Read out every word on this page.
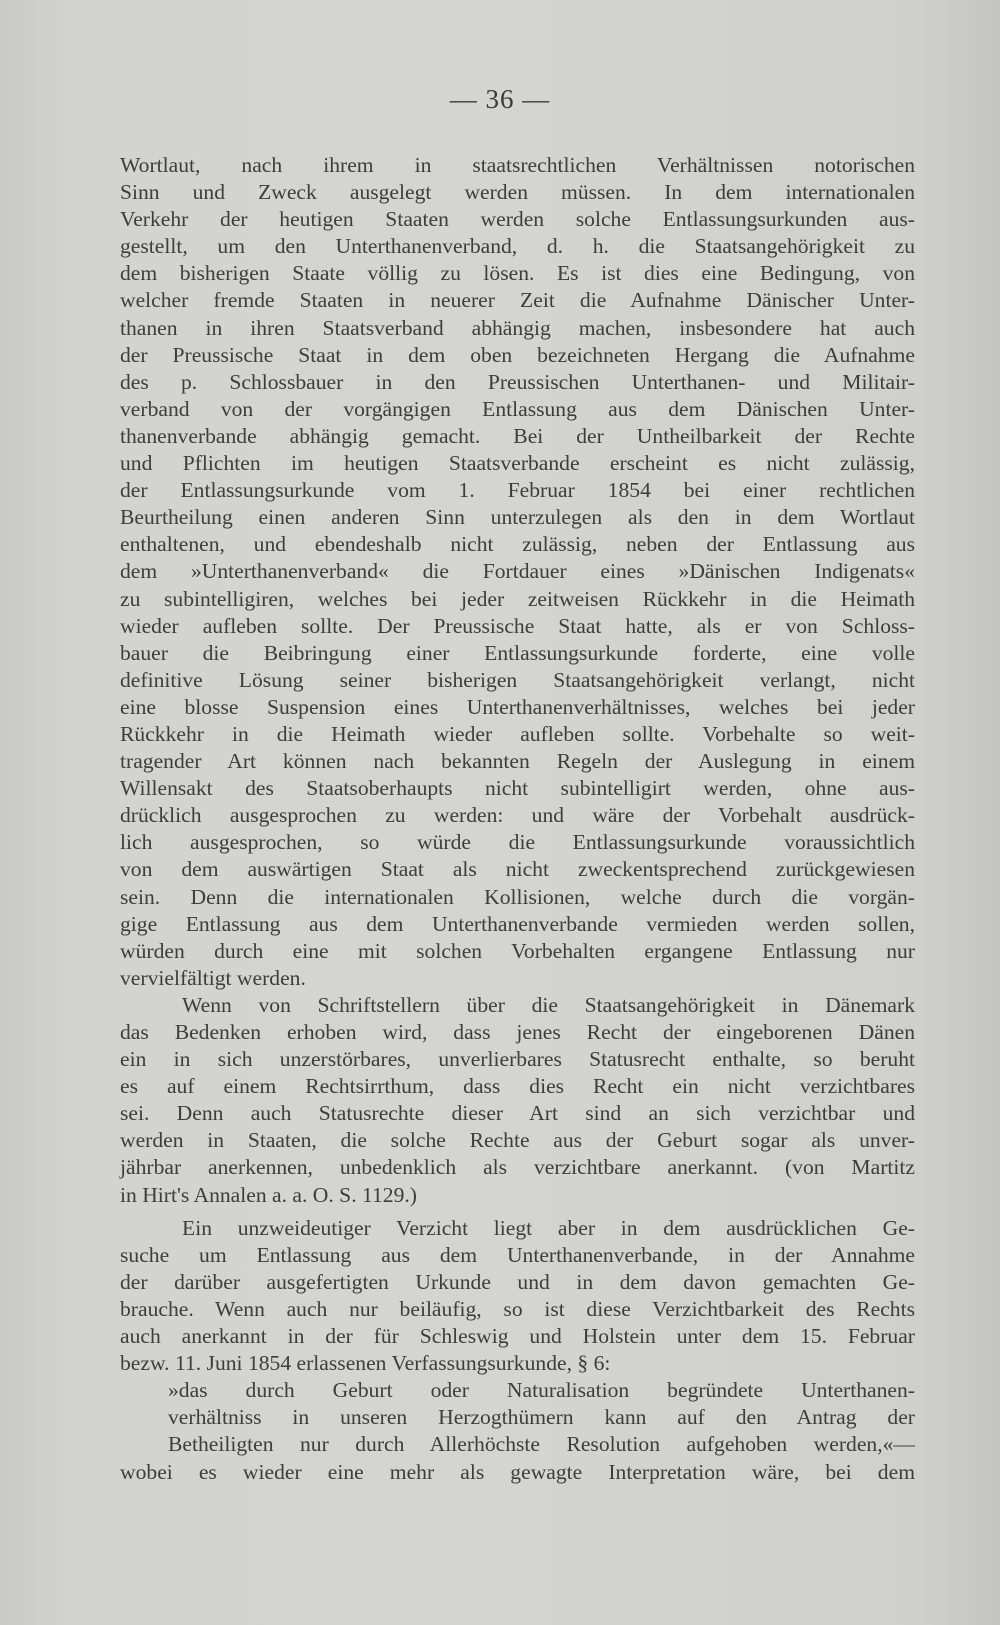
— 36 —
Wortlaut, nach ihrem in staatsrechtlichen Verhältnissen notorischen
Sinn und Zweck ausgelegt werden müssen. In dem internationalen
Verkehr der heutigen Staaten werden solche Entlassungsurkunden aus-
gestellt, um den Unterthanenverband, d. h. die Staatsangehörigkeit zu
dem bisherigen Staate völlig zu lösen. Es ist dies eine Bedingung, von
welcher fremde Staaten in neuerer Zeit die Aufnahme Dänischer Unter-
thanen in ihren Staatsverband abhängig machen, insbesondere hat auch
der Preussische Staat in dem oben bezeichneten Hergang die Aufnahme
des p. Schlossbauer in den Preussischen Unterthanen- und Militair-
verband von der vorgängigen Entlassung aus dem Dänischen Unter-
thanenverbande abhängig gemacht. Bei der Untheilbarkeit der Rechte
und Pflichten im heutigen Staatsverbande erscheint es nicht zulässig,
der Entlassungsurkunde vom 1. Februar 1854 bei einer rechtlichen
Beurtheilung einen anderen Sinn unterzulegen als den in dem Wortlaut
enthaltenen, und ebendeshalb nicht zulässig, neben der Entlassung aus
dem »Unterthanenverband« die Fortdauer eines »Dänischen Indigenats«
zu subintelligiren, welches bei jeder zeitweisen Rückkehr in die Heimath
wieder aufleben sollte. Der Preussische Staat hatte, als er von Schloss-
bauer die Beibringung einer Entlassungsurkunde forderte, eine volle
definitive Lösung seiner bisherigen Staatsangehörigkeit verlangt, nicht
eine blosse Suspension eines Unterthanenverhältnisses, welches bei jeder
Rückkehr in die Heimath wieder aufleben sollte. Vorbehalte so weit-
tragender Art können nach bekannten Regeln der Auslegung in einem
Willensakt des Staatsoberhaupts nicht subintelligirt werden, ohne aus-
drücklich ausgesprochen zu werden: und wäre der Vorbehalt ausdrück-
lich ausgesprochen, so würde die Entlassungsurkunde voraussichtlich
von dem auswärtigen Staat als nicht zweckentsprechend zurückgewiesen
sein. Denn die internationalen Kollisionen, welche durch die vorgän-
gige Entlassung aus dem Unterthanenverbande vermieden werden sollen,
würden durch eine mit solchen Vorbehalten ergangene Entlassung nur
vervielfältigt werden.
Wenn von Schriftstellern über die Staatsangehörigkeit in Dänemark
das Bedenken erhoben wird, dass jenes Recht der eingeborenen Dänen
ein in sich unzerstörbares, unverlierbares Statusrecht enthalte, so beruht
es auf einem Rechtsirrthum, dass dies Recht ein nicht verzichtbares
sei. Denn auch Statusrechte dieser Art sind an sich verzichtbar und
werden in Staaten, die solche Rechte aus der Geburt sogar als unver-
jährbar anerkennen, unbedenklich als verzichtbare anerkannt. (von Martitz
in Hirt's Annalen a. a. O. S. 1129.)
Ein unzweideutiger Verzicht liegt aber in dem ausdrücklichen Ge-
suche um Entlassung aus dem Unterthanenverbande, in der Annahme
der darüber ausgefertigten Urkunde und in dem davon gemachten Ge-
brauche. Wenn auch nur beiläufig, so ist diese Verzichtbarkeit des Rechts
auch anerkannt in der für Schleswig und Holstein unter dem 15. Februar
bezw. 11. Juni 1854 erlassenen Verfassungsurkunde, § 6:
»das durch Geburt oder Naturalisation begründete Unterthanen-
verhältniss in unseren Herzogthümern kann auf den Antrag der
Betheiligten nur durch Allerhöchste Resolution aufgehoben werden,«—
wobei es wieder eine mehr als gewagte Interpretation wäre, bei dem
